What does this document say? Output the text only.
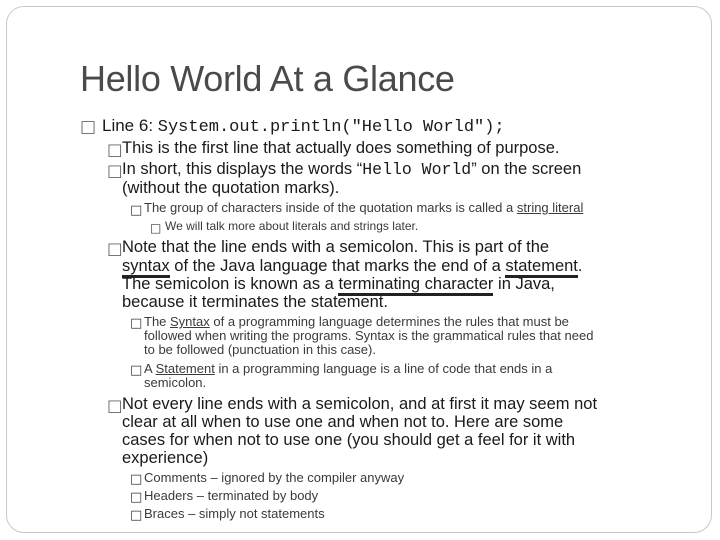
Hello World At a Glance
□ Line 6: System.out.println("Hello World");
□ This is the first line that actually does something of purpose.
□ In short, this displays the words “Hello World” on the screen
(without the quotation marks).
□ The group of characters inside of the quotation marks is called a string literal
□ We will talk more about literals and strings later.
□ Note that the line ends with a semicolon. This is part of the
syntax of the Java language that marks the end of a statement.
The semicolon is known as a terminating character in Java,
because it terminates the statement.
□ The Syntax of a programming language determines the rules that must be
followed when writing the programs. Syntax is the grammatical rules that need
to be followed (punctuation in this case).
□ A Statement in a programming language is a line of code that ends in a
semicolon.
□ Not every line ends with a semicolon, and at first it may seem not
clear at all when to use one and when not to. Here are some
cases for when not to use one (you should get a feel for it with
experience)
□ Comments – ignored by the compiler anyway
□ Headers – terminated by body
□ Braces – simply not statements
